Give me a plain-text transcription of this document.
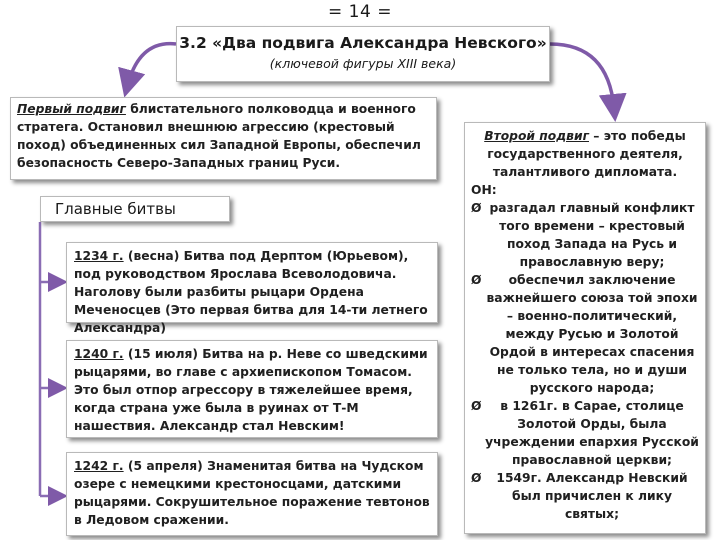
= 14 =
3.2 «Два подвига Александра Невского»
(ключевой фигуры XIII века)
Первый подвиг блистательного полководца и военного стратега. Остановил внешнюю агрессию (крестовый поход) объединенных сил Западной Европы, обеспечил безопасность Северо-Западных границ Руси.
Главные битвы
1234 г. (весна) Битва под Дерптом (Юрьевом), под руководством Ярослава Всеволодовича. Наголову были разбиты рыцари Ордена Меченосцев (Это первая битва для 14-ти летнего Александра)
1240 г. (15 июля) Битва на р. Неве со шведскими рыцарями, во главе с архиепископом Томасом. Это был отпор агрессору в тяжелейшее время, когда страна уже была в руинах от Т-М нашествия. Александр стал Невским!
1242 г. (5 апреля) Знаменитая битва на Чудском озере с немецкими крестоносцами, датскими рыцарями. Сокрушительное поражение тевтонов в Ледовом сражении.
Второй подвиг – это победы государственного деятеля, талантливого дипломата.
ОН:
Ø разгадал главный конфликт того времени – крестовый поход Запада на Русь и православную веру;
Ø обеспечил заключение важнейшего союза той эпохи – военно-политический, между Русью и Золотой Ордой в интересах спасения не только тела, но и души русского народа;
Ø в 1261г. в Сарае, столице Золотой Орды, была учреждении епархия Русской православной церкви;
Ø 1549г. Александр Невский был причислен к лику святых;
